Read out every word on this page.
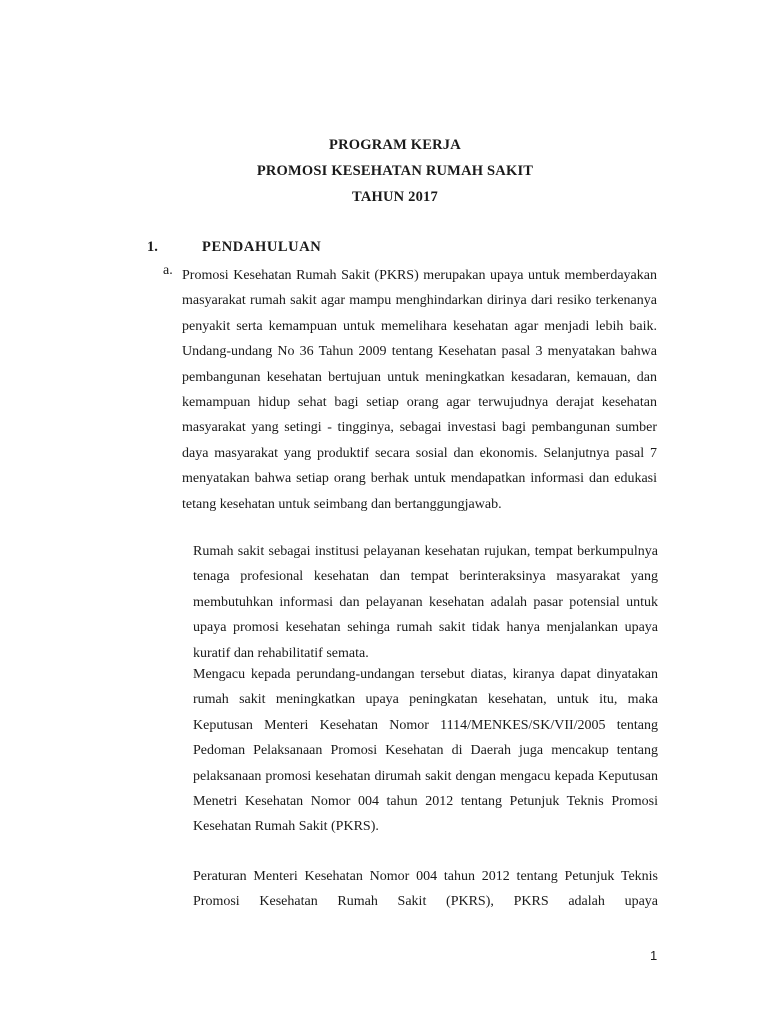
PROGRAM KERJA
PROMOSI KESEHATAN RUMAH SAKIT
TAHUN 2017
1.	PENDAHULUAN
a. Promosi Kesehatan Rumah Sakit (PKRS) merupakan upaya untuk memberdayakan masyarakat rumah sakit agar mampu menghindarkan dirinya dari resiko terkenanya penyakit serta kemampuan untuk memelihara kesehatan agar menjadi lebih baik. Undang-undang No 36 Tahun 2009 tentang Kesehatan pasal 3 menyatakan bahwa pembangunan kesehatan bertujuan untuk meningkatkan kesadaran, kemauan, dan kemampuan hidup sehat bagi setiap orang agar terwujudnya derajat kesehatan masyarakat yang setingi - tingginya, sebagai investasi bagi pembangunan sumber daya masyarakat yang produktif secara sosial dan ekonomis. Selanjutnya pasal 7 menyatakan bahwa setiap orang berhak untuk mendapatkan informasi dan edukasi tetang kesehatan untuk seimbang dan bertanggungjawab.

Rumah sakit sebagai institusi pelayanan kesehatan rujukan, tempat berkumpulnya tenaga profesional kesehatan dan tempat berinteraksinya masyarakat yang membutuhkan informasi dan pelayanan kesehatan adalah pasar potensial untuk upaya promosi kesehatan sehinga rumah sakit tidak hanya menjalankan upaya kuratif dan rehabilitatif semata.

Mengacu kepada perundang-undangan tersebut diatas, kiranya dapat dinyatakan rumah sakit meningkatkan upaya peningkatan kesehatan, untuk itu, maka Keputusan Menteri Kesehatan Nomor 1114/MENKES/SK/VII/2005 tentang Pedoman Pelaksanaan Promosi Kesehatan di Daerah juga mencakup tentang pelaksanaan promosi kesehatan dirumah sakit dengan mengacu kepada Keputusan Menetri Kesehatan Nomor 004 tahun 2012 tentang Petunjuk Teknis Promosi Kesehatan Rumah Sakit (PKRS).

Peraturan Menteri Kesehatan Nomor 004 tahun 2012 tentang Petunjuk Teknis Promosi Kesehatan Rumah Sakit (PKRS), PKRS adalah upaya

1
